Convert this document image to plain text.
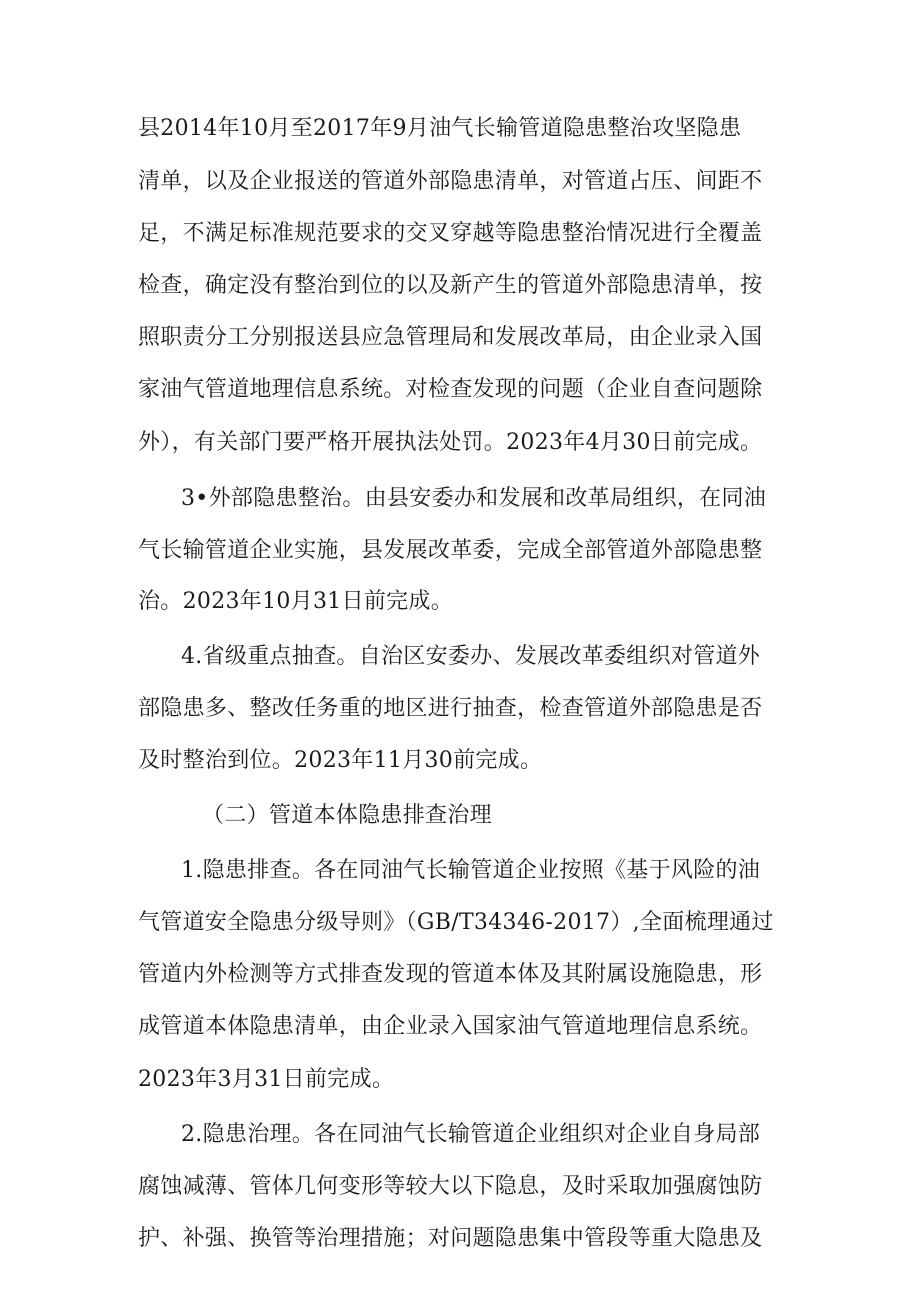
县2014年10月至2017年9月油气长输管道隐患整治攻坚隐患
清单，以及企业报送的管道外部隐患清单，对管道占压、间距不
足，不满足标准规范要求的交叉穿越等隐患整治情况进行全覆盖
检查，确定没有整治到位的以及新产生的管道外部隐患清单，按
照职责分工分别报送县应急管理局和发展改革局，由企业录入国
家油气管道地理信息系统。对检查发现的问题（企业自查问题除
外），有关部门要严格开展执法处罚。2023年4月30日前完成。
3•外部隐患整治。由县安委办和发展和改革局组织，在同油
气长输管道企业实施，县发展改革委，完成全部管道外部隐患整
治。2023年10月31日前完成。
4.省级重点抽查。自治区安委办、发展改革委组织对管道外
部隐患多、整改任务重的地区进行抽查，检查管道外部隐患是否
及时整治到位。2023年11月30前完成。
（二）管道本体隐患排查治理
1.隐患排查。各在同油气长输管道企业按照《基于风险的油
气管道安全隐患分级导则》（GB/T34346-2017）,全面梳理通过
管道内外检测等方式排查发现的管道本体及其附属设施隐患，形
成管道本体隐患清单，由企业录入国家油气管道地理信息系统。
2023年3月31日前完成。
2.隐患治理。各在同油气长输管道企业组织对企业自身局部
腐蚀减薄、管体几何变形等较大以下隐息，及时采取加强腐蚀防
护、补强、换管等治理措施；对问题隐患集中管段等重大隐患及
